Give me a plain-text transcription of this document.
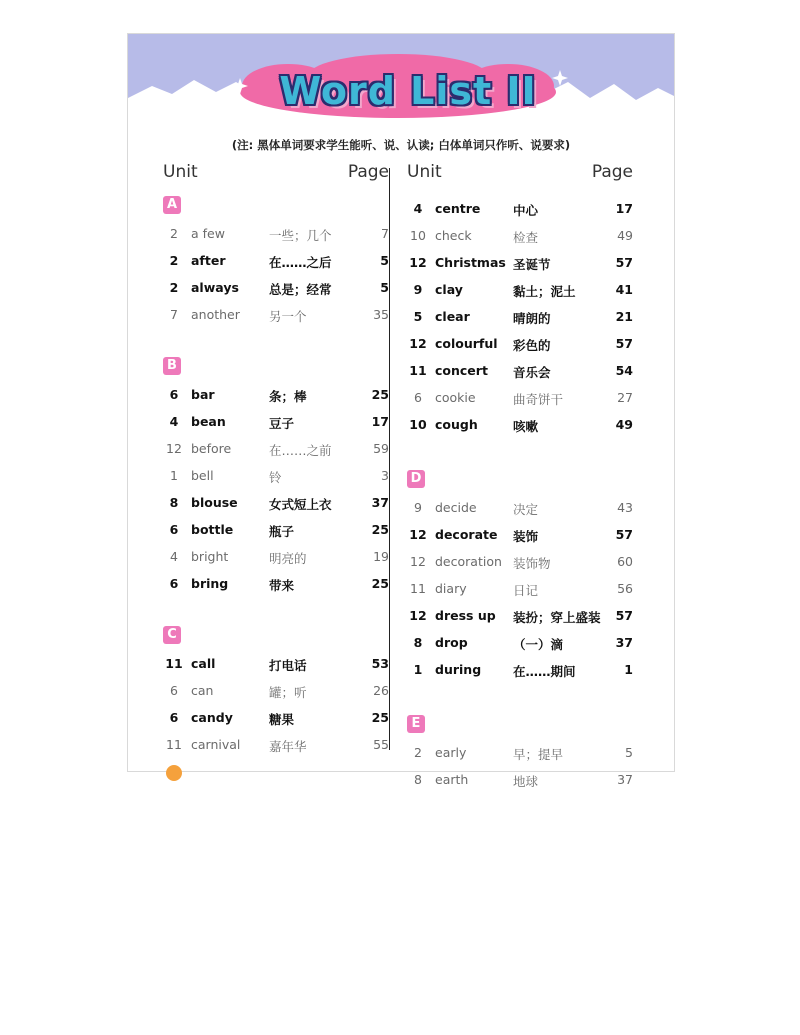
Word List II
(注: 黑体单词要求学生能听、说、认读; 白体单词只作听、说要求)
Unit	Page
A
2	a few	一些；几个	7
2	after	在……之后	5
2	always 总是；经常	5
7	another 另一个	35
B
6	bar	条；棒	25
4	bean	豆子	17
12 before	在……之前	59
1	bell	铃	3
8	blouse	女式短上衣	37
6	bottle	瓶子	25
4	bright	明亮的	19
6	bring	带来	25
C
11 call	打电话	53
6	can	罐；听	26
6	candy	糖果	25
11 carnival 嘉年华	55
Unit	Page
4	centre	中心	17
10 check	检查	49
12 Christmas 圣诞节	57
9	clay	黏土；泥土	41
5	clear	晴朗的	21
12 colourful 彩色的	57
11 concert 音乐会	54
6	cookie	曲奇饼干	27
10 cough	咳嗽	49
D
9	decide	决定	43
12 decorate 装饰	57
12 decoration 装饰物	60
11 diary	日记	56
12 dress up 装扮；穿上盛装	57
8	drop	（一）滴	37
1	during	在……期间	1
E
2	early	早；提早	5
8	earth	地球	37
